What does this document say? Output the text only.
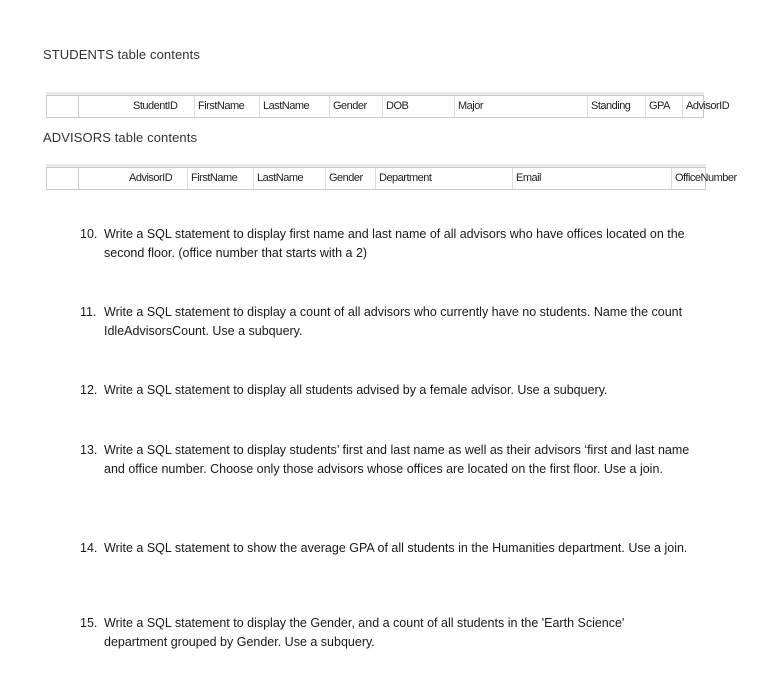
STUDENTS table contents
StudentID	FirstName	LastName	Gender	DOB	Major	Standing	GPA	AdvisorID
ADVISORS table contents
AdvisorID	FirstName	LastName	Gender	Department	Email	OfficeNumber
10. Write a SQL statement to display first name and last name of all advisors who have offices located on the second floor. (office number that starts with a 2)
11. Write a SQL statement to display a count of all advisors who currently have no students. Name the count IdleAdvisorsCount. Use a subquery.
12. Write a SQL statement to display all students advised by a female advisor. Use a subquery.
13. Write a SQL statement to display students’ first and last name as well as their advisors ‘first and last name and office number. Choose only those advisors whose offices are located on the first floor. Use a join.
14. Write a SQL statement to show the average GPA of all students in the Humanities department. Use a join.
15. Write a SQL statement to display the Gender, and a count of all students in the 'Earth Science' department grouped by Gender. Use a subquery.
